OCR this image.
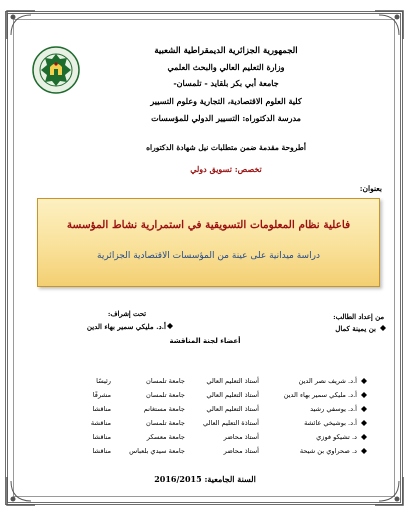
الجمهورية الجزائرية الديمقراطية الشعبية
وزارة التعليم العالي والبحث العلمي
جامعة أبي بكر بلقايد - تلمسان-
كلية العلوم الاقتصادية، التجارية وعلوم التسيير
مدرسة الدكتوراه: التسيير الدولي للمؤسسات
أطروحة مقدمة ضمن متطلبات نيل شهادة الدكتوراه
تخصص: تسويق دولي
بعنوان:
فاعلية نظام المعلومات التسويقية في استمرارية نشاط المؤسسة
دراسة ميدانية على عينة من المؤسسات الاقتصادية الجزائرية
من إعداد الطالب:
بن يمينة كمال
تحت إشراف:
أ.د. مليكي سمير بهاء الدين
أعضاء لجنة المناقشة
أ.د. شريف نصر الدين
أستاذ التعليم العالي
جامعة تلمسان
رئيسًا
أ.د. مليكي سمير بهاء الدين
أستاذ التعليم العالي
جامعة تلمسان
مشرفًا
أ.د. يوسفي رشيد
أستاذ التعليم العالي
جامعة مستغانم
مناقشا
أ.د. بوشيخي عائشة
أستاذة التعليم العالي
جامعة تلمسان
مناقشة
د. تشيكو فوزي
أستاذ محاضر
جامعة معسكر
مناقشا
د. صحراوي بن شيحة
أستاذ محاضر
جامعة سيدي بلعباس
مناقشا
السنة الجامعية: 2016/2015
